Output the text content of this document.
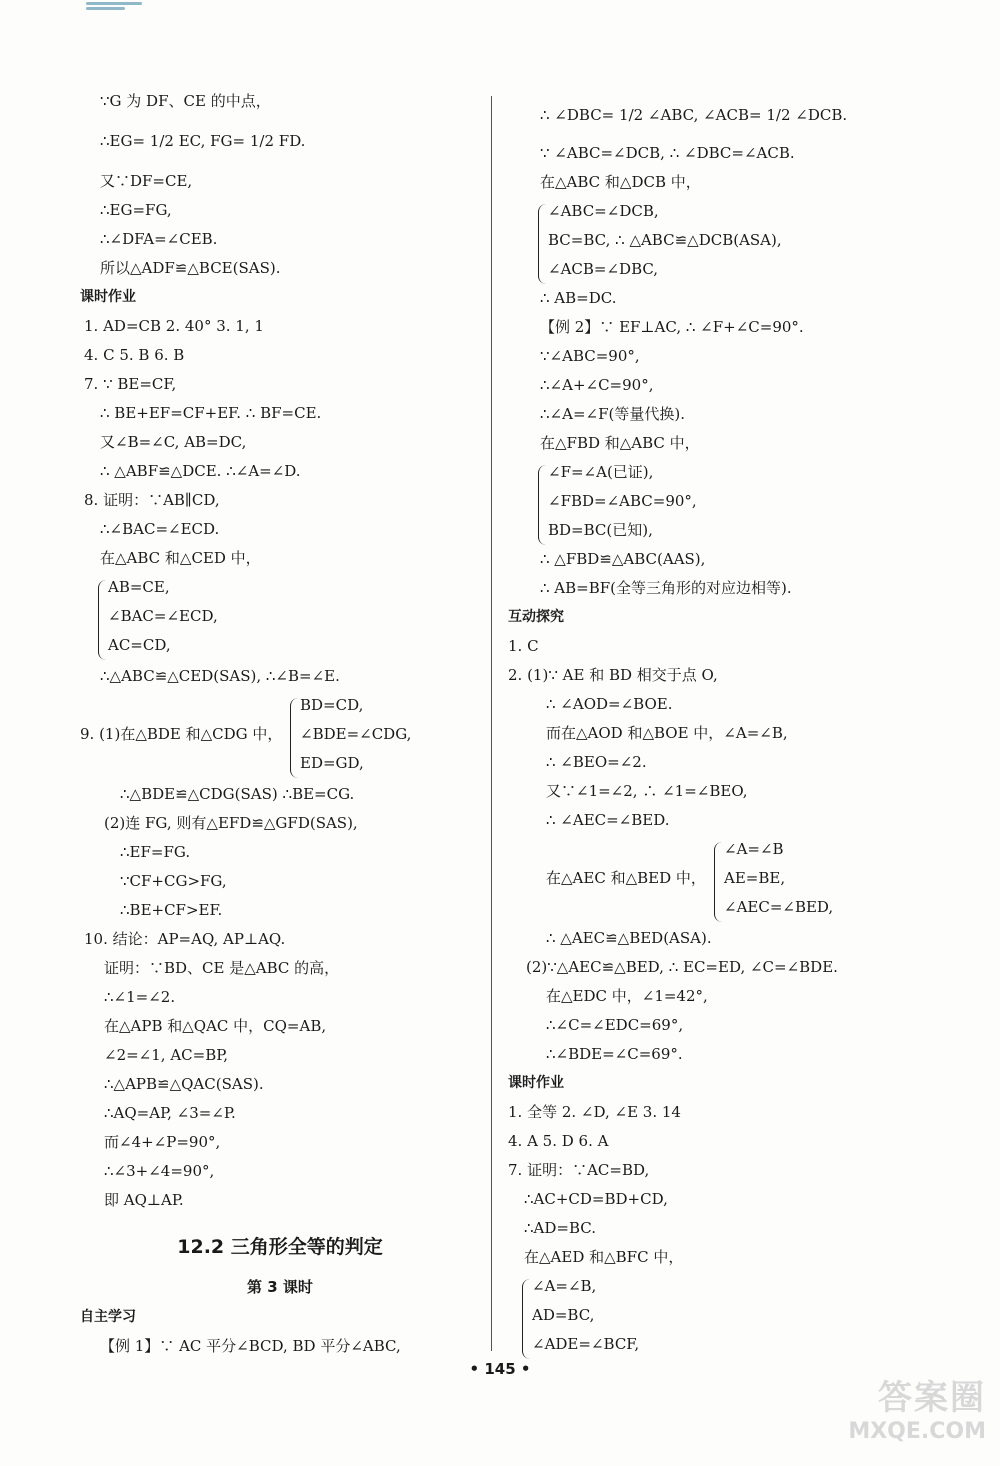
∵G 为 DF、CE 的中点，
∴EG= 1/2 EC, FG= 1/2 FD.
又∵DF=CE,
∴EG=FG,
∴∠DFA=∠CEB.
所以△ADF≌△BCE(SAS).
课时作业
1. AD=CB 2. 40° 3. 1, 1
4. C 5. B 6. B
7. ∵ BE=CF,
∴ BE+EF=CF+EF. ∴ BF=CE.
又∠B=∠C, AB=DC,
∴ △ABF≌△DCE. ∴∠A=∠D.
8. 证明：∵AB∥CD,
∴∠BAC=∠ECD.
在△ABC 和△CED 中，
AB=CE,
∠BAC=∠ECD,
AC=CD,
∴△ABC≌△CED(SAS), ∴∠B=∠E.
BD=CD,
9. (1)在△BDE 和△CDG 中， ∠BDE=∠CDG,
ED=GD,
∴△BDE≌△CDG(SAS) ∴BE=CG.
(2)连 FG, 则有△EFD≌△GFD(SAS),
∴EF=FG.
∵CF+CG>FG,
∴BE+CF>EF.
10. 结论：AP=AQ, AP⊥AQ.
证明：∵BD、CE 是△ABC 的高，
∴∠1=∠2.
在△APB 和△QAC 中，CQ=AB,
∠2=∠1, AC=BP,
∴△APB≌△QAC(SAS).
∴AQ=AP, ∠3=∠P.
而∠4+∠P=90°,
∴∠3+∠4=90°,
即 AQ⊥AP.
自主学习
【例 1】∵ AC 平分∠BCD, BD 平分∠ABC,
12.2 三角形全等的判定
第 3 课时
∴ ∠DBC= 1/2 ∠ABC, ∠ACB= 1/2 ∠DCB.
∵ ∠ABC=∠DCB, ∴ ∠DBC=∠ACB.
在△ABC 和△DCB 中，
∠ABC=∠DCB,
BC=BC, ∴ △ABC≌△DCB(ASA),
∠ACB=∠DBC,
∴ AB=DC.
【例 2】∵ EF⊥AC, ∴ ∠F+∠C=90°.
∵∠ABC=90°,
∴∠A+∠C=90°,
∴∠A=∠F(等量代换).
在△FBD 和△ABC 中，
∠F=∠A(已证),
∠FBD=∠ABC=90°,
BD=BC(已知),
∴ △FBD≌△ABC(AAS),
∴ AB=BF(全等三角形的对应边相等).
互动探究
1. C
2. (1)∵ AE 和 BD 相交于点 O,
∴ ∠AOD=∠BOE.
而在△AOD 和△BOE 中，∠A=∠B,
∴ ∠BEO=∠2.
又∵∠1=∠2, ∴ ∠1=∠BEO,
∴ ∠AEC=∠BED.
∠A=∠B
在△AEC 和△BED 中， AE=BE,
∠AEC=∠BED,
∴ △AEC≌△BED(ASA).
(2)∵△AEC≌△BED, ∴ EC=ED, ∠C=∠BDE.
在△EDC 中，∠1=42°,
∴∠C=∠EDC=69°,
∴∠BDE=∠C=69°.
课时作业
1. 全等 2. ∠D, ∠E 3. 14
4. A 5. D 6. A
7. 证明：∵AC=BD,
∴AC+CD=BD+CD,
∴AD=BC.
在△AED 和△BFC 中，
∠A=∠B,
AD=BC,
∠ADE=∠BCF,
• 145 •
答案圈
MXQE.COM
